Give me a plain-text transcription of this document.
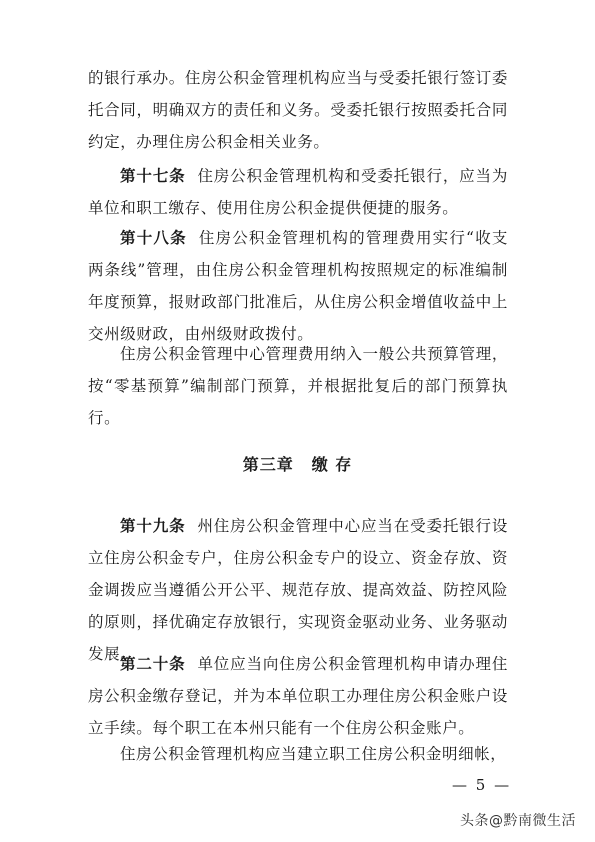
的银行承办。住房公积金管理机构应当与受委托银行签订委托合同，明确双方的责任和义务。受委托银行按照委托合同约定，办理住房公积金相关业务。

第十七条 住房公积金管理机构和受委托银行，应当为单位和职工缴存、使用住房公积金提供便捷的服务。

第十八条 住房公积金管理机构的管理费用实行“收支两条线”管理，由住房公积金管理机构按照规定的标准编制年度预算，报财政部门批准后，从住房公积金增值收益中上交州级财政，由州级财政拨付。

住房公积金管理中心管理费用纳入一般公共预算管理，按“零基预算”编制部门预算，并根据批复后的部门预算执行。

第三章 缴 存

第十九条 州住房公积金管理中心应当在受委托银行设立住房公积金专户，住房公积金专户的设立、资金存放、资金调拨应当遵循公开公平、规范存放、提高效益、防控风险的原则，择优确定存放银行，实现资金驱动业务、业务驱动发展。

第二十条 单位应当向住房公积金管理机构申请办理住房公积金缴存登记，并为本单位职工办理住房公积金账户设立手续。每个职工在本州只能有一个住房公积金账户。

住房公积金管理机构应当建立职工住房公积金明细帐，

— 5 —
头条@黔南微生活
